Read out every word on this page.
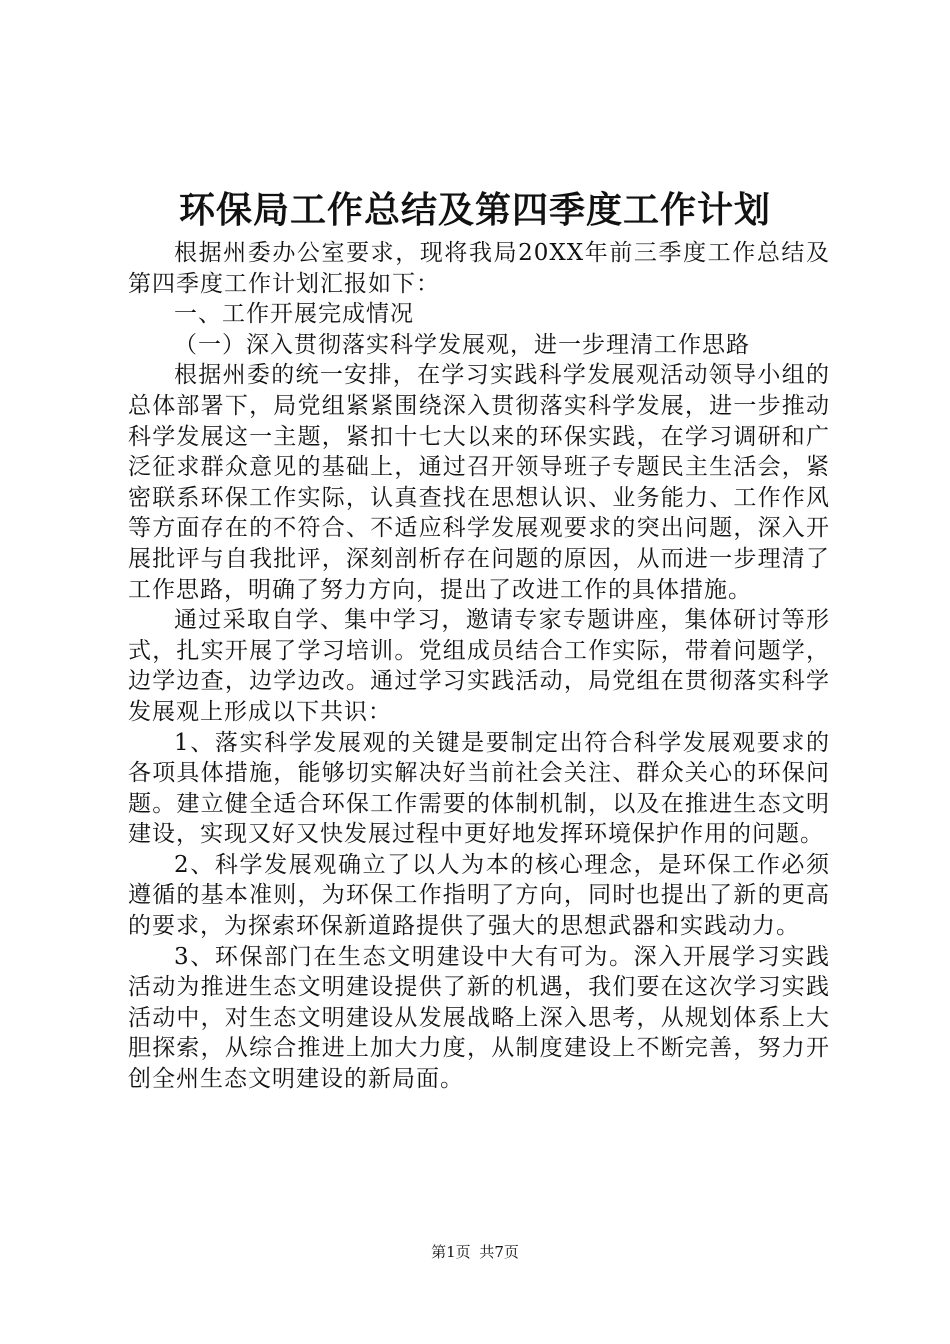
环保局工作总结及第四季度工作计划

根据州委办公室要求，现将我局20XX年前三季度工作总结及第四季度工作计划汇报如下：

一、工作开展完成情况

（一）深入贯彻落实科学发展观，进一步理清工作思路

根据州委的统一安排，在学习实践科学发展观活动领导小组的总体部署下，局党组紧紧围绕深入贯彻落实科学发展，进一步推动科学发展这一主题，紧扣十七大以来的环保实践，在学习调研和广泛征求群众意见的基础上，通过召开领导班子专题民主生活会，紧密联系环保工作实际，认真查找在思想认识、业务能力、工作作风等方面存在的不符合、不适应科学发展观要求的突出问题，深入开展批评与自我批评，深刻剖析存在问题的原因，从而进一步理清了工作思路，明确了努力方向，提出了改进工作的具体措施。

通过采取自学、集中学习，邀请专家专题讲座，集体研讨等形式，扎实开展了学习培训。党组成员结合工作实际，带着问题学，边学边查，边学边改。通过学习实践活动，局党组在贯彻落实科学发展观上形成以下共识：

1、落实科学发展观的关键是要制定出符合科学发展观要求的各项具体措施，能够切实解决好当前社会关注、群众关心的环保问题。建立健全适合环保工作需要的体制机制，以及在推进生态文明建设，实现又好又快发展过程中更好地发挥环境保护作用的问题。

2、科学发展观确立了以人为本的核心理念，是环保工作必须遵循的基本准则，为环保工作指明了方向，同时也提出了新的更高的要求，为探索环保新道路提供了强大的思想武器和实践动力。

3、环保部门在生态文明建设中大有可为。深入开展学习实践活动为推进生态文明建设提供了新的机遇，我们要在这次学习实践活动中，对生态文明建设从发展战略上深入思考，从规划体系上大胆探索，从综合推进上加大力度，从制度建设上不断完善，努力开创全州生态文明建设的新局面。

第1页 共7页
